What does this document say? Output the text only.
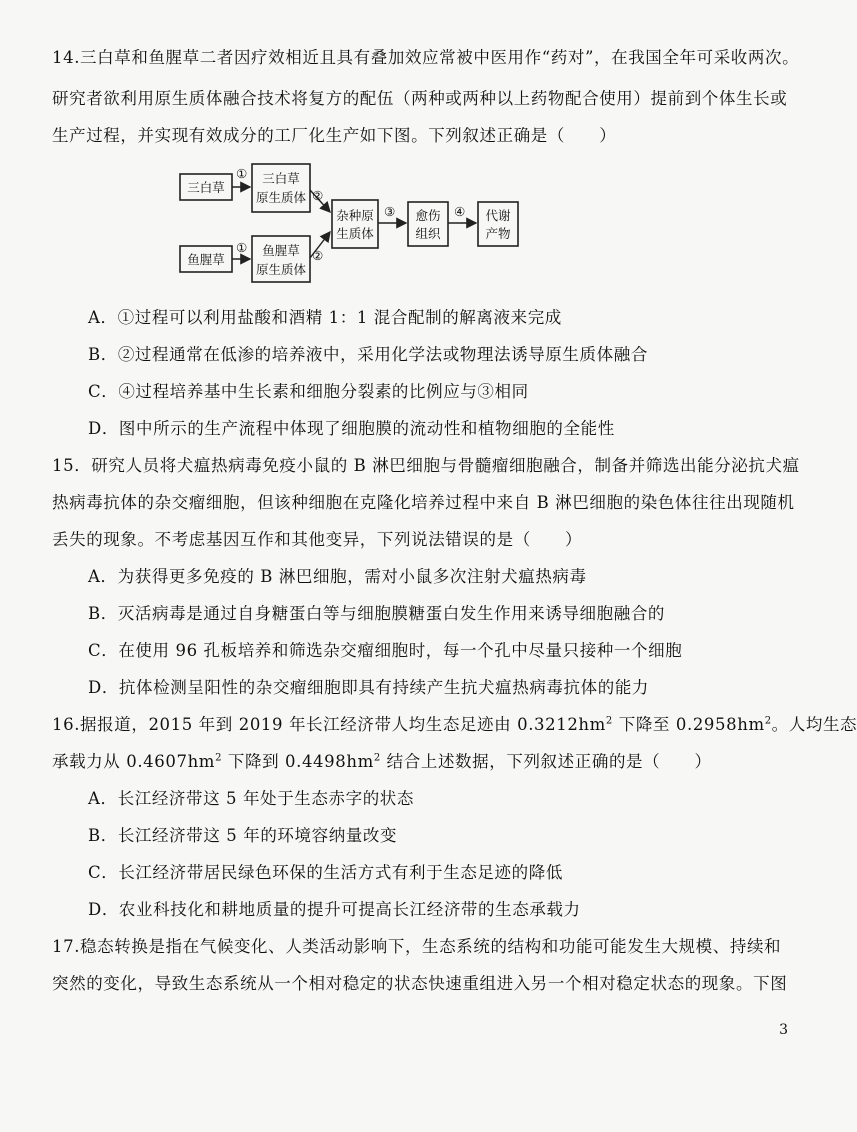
14.三白草和鱼腥草二者因疗效相近且具有叠加效应常被中医用作“药对”，在我国全年可采收两次。
研究者欲利用原生质体融合技术将复方的配伍（两种或两种以上药物配合使用）提前到个体生长或
生产过程，并实现有效成分的工厂化生产如下图。下列叙述正确是（　　）
三白草
① 三白草
原生质体
鱼腥草
① 鱼腥草
原生质体
②
②
杂种原
生质体
③ 愈伤
组织
④ 代谢
产物
A．①过程可以利用盐酸和酒精 1：1 混合配制的解离液来完成
B．②过程通常在低渗的培养液中，采用化学法或物理法诱导原生质体融合
C．④过程培养基中生长素和细胞分裂素的比例应与③相同
D．图中所示的生产流程中体现了细胞膜的流动性和植物细胞的全能性
15．研究人员将犬瘟热病毒免疫小鼠的 B 淋巴细胞与骨髓瘤细胞融合，制备并筛选出能分泌抗犬瘟
热病毒抗体的杂交瘤细胞，但该种细胞在克隆化培养过程中来自 B 淋巴细胞的染色体往往出现随机
丢失的现象。不考虑基因互作和其他变异，下列说法错误的是（　　）
A．为获得更多免疫的 B 淋巴细胞，需对小鼠多次注射犬瘟热病毒
B．灭活病毒是通过自身糖蛋白等与细胞膜糖蛋白发生作用来诱导细胞融合的
C．在使用 96 孔板培养和筛选杂交瘤细胞时，每一个孔中尽量只接种一个细胞
D．抗体检测呈阳性的杂交瘤细胞即具有持续产生抗犬瘟热病毒抗体的能力
16.据报道，2015 年到 2019 年长江经济带人均生态足迹由 $0.3212hm^2$ 下降至 $0.2958hm^2$。人均生态
承载力从 $0.4607hm^2$ 下降到 $0.4498hm^2$ 结合上述数据，下列叙述正确的是（　　）
A．长江经济带这 5 年处于生态赤字的状态
B．长江经济带这 5 年的环境容纳量改变
C．长江经济带居民绿色环保的生活方式有利于生态足迹的降低
D．农业科技化和耕地质量的提升可提高长江经济带的生态承载力
17.稳态转换是指在气候变化、人类活动影响下，生态系统的结构和功能可能发生大规模、持续和
突然的变化，导致生态系统从一个相对稳定的状态快速重组进入另一个相对稳定状态的现象。下图
3
